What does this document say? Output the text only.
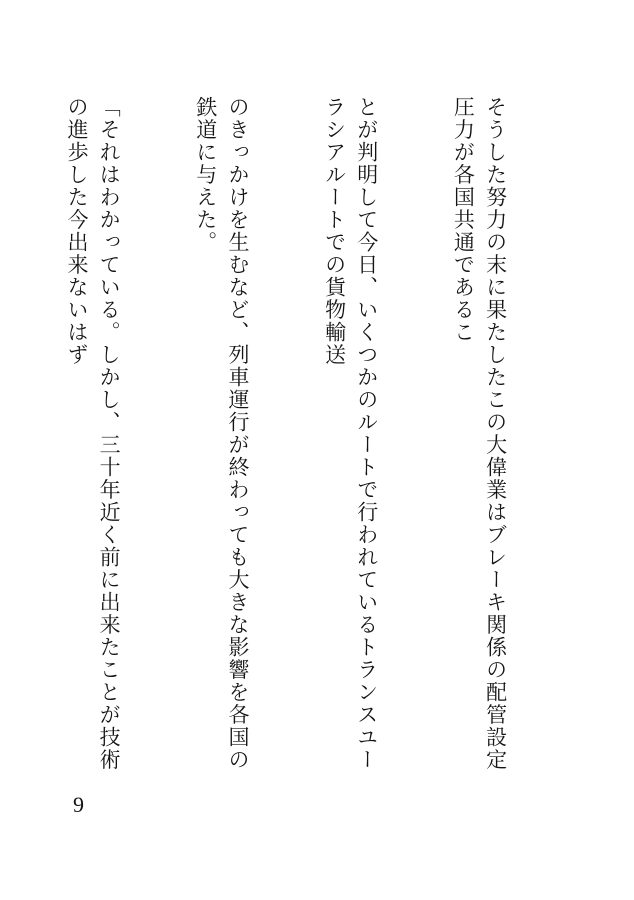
そうした努力の末に果たしたこの大偉業はブレーキ関係の配管設定圧力が各国共通であるこ

とが判明して今日、いくつかのルートで行われているトランスユーラシアルートでの貨物輸送

のきっかけを生むなど、列車運行が終わっても大きな影響を各国の鉄道に与えた。

「それはわかっている。しかし、三十年近く前に出来たことが技術の進歩した今出来ないはず

9
